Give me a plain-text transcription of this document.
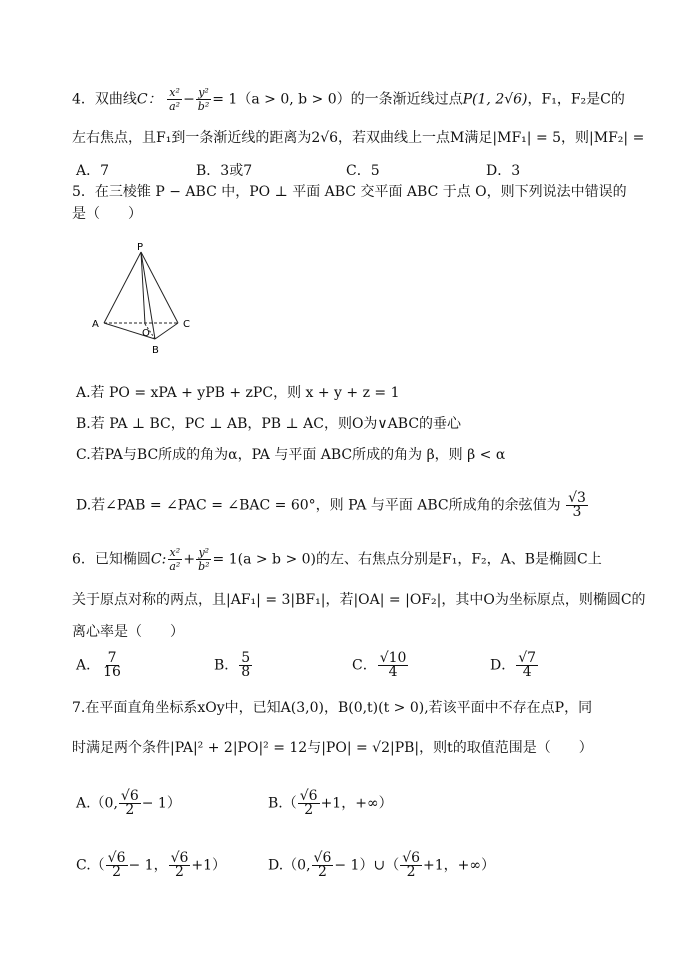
4．双曲线C： $\frac{\text{x²}}{\text{a²}} - \frac{\text{y²}}{\text{b²}} = 1(a > 0$, b > 0）的一条渐近线过点P(1, 2√6)，F₁，F₂是C的
左右焦点，且F₁到一条渐近线的距离为2√6，若双曲线上一点M满足|MF₁| = 5，则|MF₂| =
A．7	B．3或7	C．5	D．3
5．在三棱锥 P − ABC 中，PO ⊥ 平面 ABC 交平面 ABC 于点 O，则下列说法中错误的
是（　　）
P
A
O
C
B
A.若 PO = xPA + yPB + zPC，则 x + y + z = 1
B.若 PA ⊥ BC，PC ⊥ AB，PB ⊥ AC，则O为∨ABC的垂心
C.若PA与BC所成的角为α，PA 与平面 ABC所成的角为 β，则 β < α
D.若∠PAB = ∠PAC = ∠BAC = 60°，则 PA 与平面 ABC所成角的余弦值为 $\frac{√3}{3}$
6．已知椭圆C: $\frac{\text{x²}}{\text{a²}} + \frac{\text{y²}}{\text{b²}} = 1(a > b > 0)$的左、右焦点分别是F₁，F₂，A、B是椭圆C上
关于原点对称的两点，且|AF₁| = 3|BF₁|，若|OA| = |OF₂|，其中O为坐标原点，则椭圆C的
离心率是（　　）
A． $\frac{7}{16}$	B． $\frac{5}{8}$	C． $\frac{√10}{4}$	D． $\frac{√7}{4}$
7.在平面直角坐标系xOy中，已知A(3,0)，B(0,t)(t > 0),若该平面中不存在点P，同
时满足两个条件|PA|² + 2|PO|² = 12与|PO| = √2|PB|，则t的取值范围是（　　）
A.（0, $\frac{√6}{2} - 1$）	$B.( \frac{√6}{2} +1$，+∞）
$C.( \frac{√6}{2} - 1$， $\frac{√6}{2} +1$）	D.（0, $\frac{√6}{2}$ − 1）∪（ $\frac{√6}{2} +1$，+∞）
